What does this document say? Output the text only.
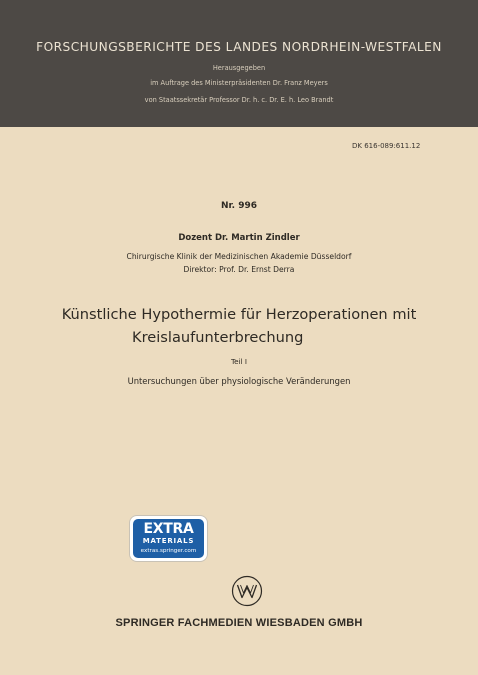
FORSCHUNGSBERICHTE DES LANDES NORDRHEIN-WESTFALEN
Herausgegeben
im Auftrage des Ministerpräsidenten Dr. Franz Meyers
von Staatssekretär Professor Dr. h. c. Dr. E. h. Leo Brandt
DK 616-089:611.12
Nr. 996
Dozent Dr. Martin Zindler
Chirurgische Klinik der Medizinischen Akademie Düsseldorf
Direktor: Prof. Dr. Ernst Derra
Künstliche Hypothermie für Herzoperationen mit
Kreislaufunterbrechung
Teil I
Untersuchungen über physiologische Veränderungen
EXTRA
MATERIALS
extras.springer.com
SPRINGER FACHMEDIEN WIESBADEN GMBH
